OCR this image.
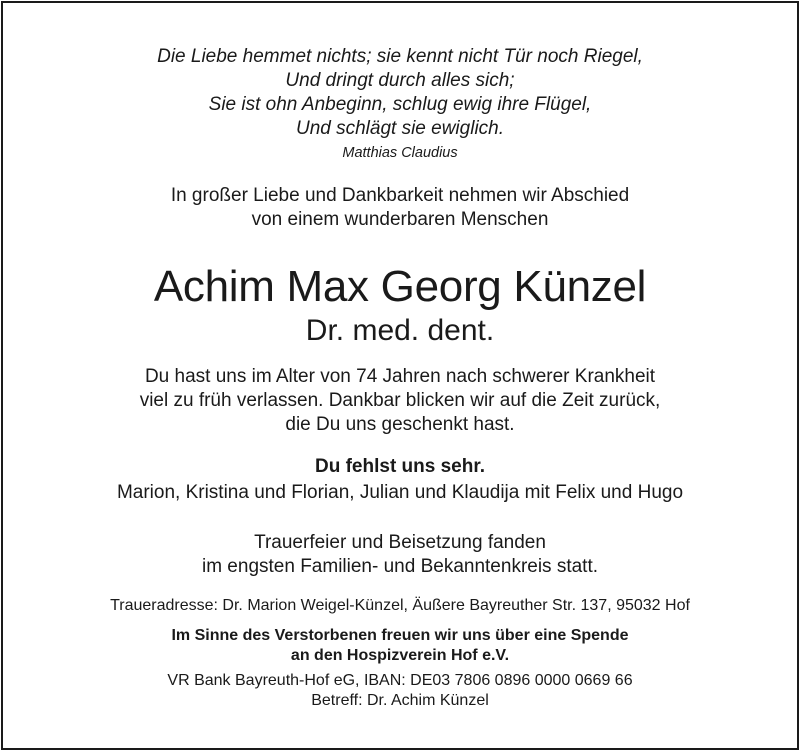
Die Liebe hemmet nichts; sie kennt nicht Tür noch Riegel,
Und dringt durch alles sich;
Sie ist ohn Anbeginn, schlug ewig ihre Flügel,
Und schlägt sie ewiglich.
Matthias Claudius
In großer Liebe und Dankbarkeit nehmen wir Abschied
von einem wunderbaren Menschen
Achim Max Georg Künzel
Dr. med. dent.
Du hast uns im Alter von 74 Jahren nach schwerer Krankheit
viel zu früh verlassen. Dankbar blicken wir auf die Zeit zurück,
die Du uns geschenkt hast.
Du fehlst uns sehr.
Marion, Kristina und Florian, Julian und Klaudija mit Felix und Hugo
Trauerfeier und Beisetzung fanden
im engsten Familien- und Bekanntenkreis statt.
Traueradresse: Dr. Marion Weigel-Künzel, Äußere Bayreuther Str. 137, 95032 Hof
Im Sinne des Verstorbenen freuen wir uns über eine Spende
an den Hospizverein Hof e.V.
VR Bank Bayreuth-Hof eG, IBAN: DE03 7806 0896 0000 0669 66
Betreff: Dr. Achim Künzel
